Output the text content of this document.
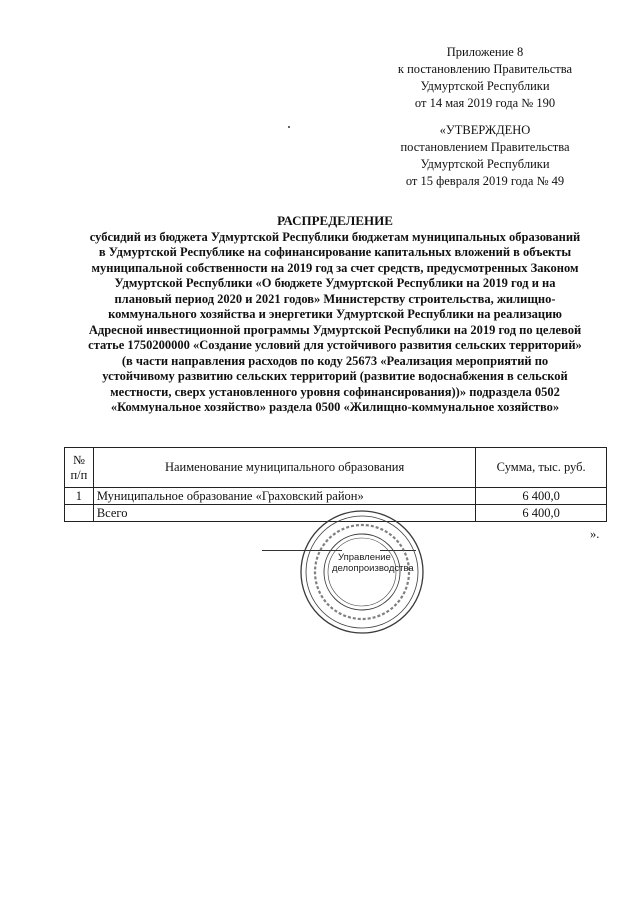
Приложение 8
к постановлению Правительства
Удмуртской Республики
от 14 мая 2019 года № 190
«УТВЕРЖДЕНО
постановлением Правительства
Удмуртской Республики
от 15 февраля 2019 года № 49
РАСПРЕДЕЛЕНИЕ
субсидий из бюджета Удмуртской Республики бюджетам муниципальных образований
в Удмуртской Республике на софинансирование капитальных вложений в объекты
муниципальной собственности на 2019 год за счет средств, предусмотренных Законом
Удмуртской Республики «О бюджете Удмуртской Республики на 2019 год и на
плановый период 2020 и 2021 годов» Министерству строительства, жилищно-
коммунального хозяйства и энергетики Удмуртской Республики на реализацию
Адресной инвестиционной программы Удмуртской Республики на 2019 год по целевой
статье 1750200000 «Создание условий для устойчивого развития сельских территорий»
(в части направления расходов по коду 25673 «Реализация мероприятий по
устойчивому развитию сельских территорий (развитие водоснабжения в сельской
местности, сверх установленного уровня софинансирования))» подраздела 0502
«Коммунальное хозяйство» раздела 0500 «Жилищно-коммунальное хозяйство»
№
п/п	Наименование муниципального образования	Сумма, тыс. руб.
1	Муниципальное образование «Граховский район»	6 400,0
	Всего	6 400,0
».
Управление
делопроизводства
